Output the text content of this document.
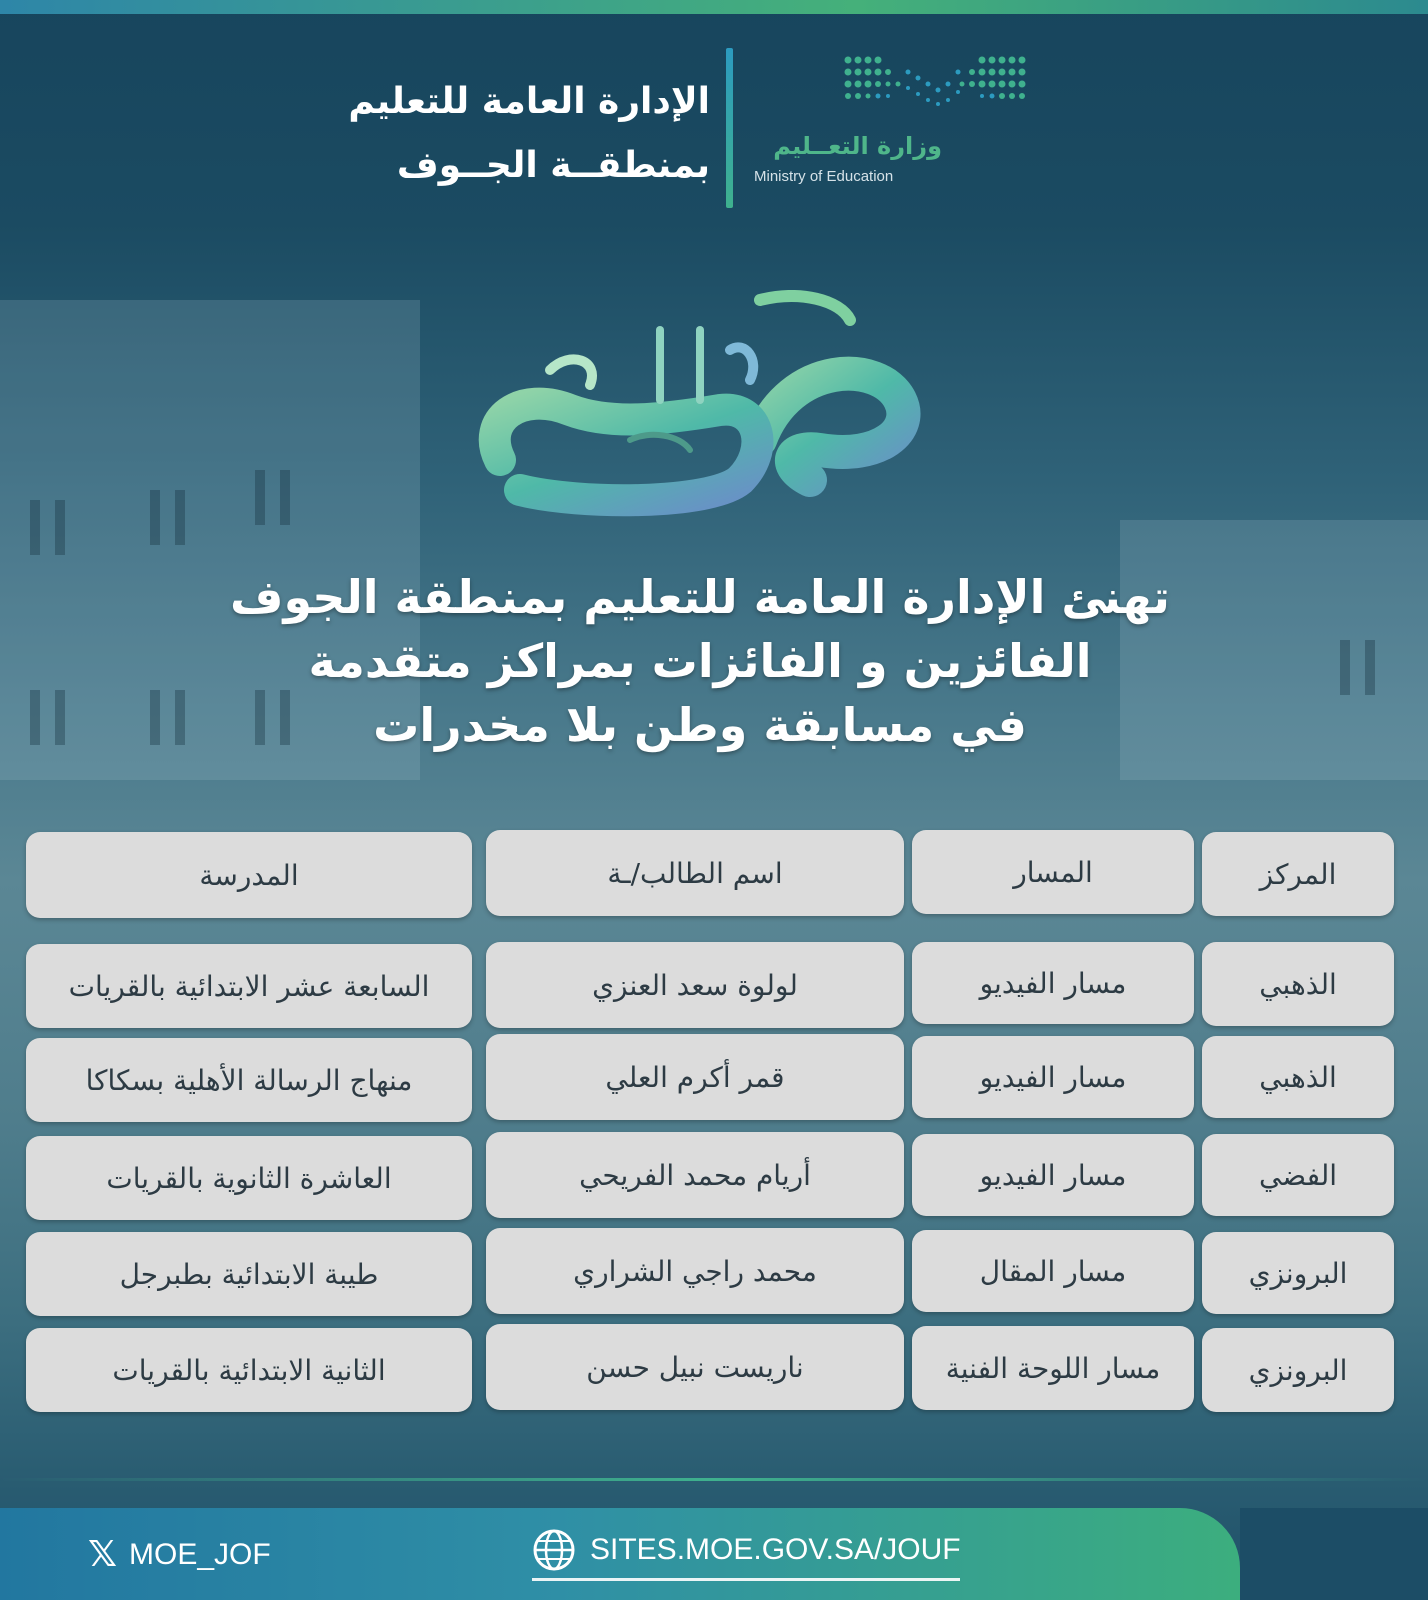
الإدارة العامة للتعليم
بمنطقــة الجــوف	وزارة التعــليم
Ministry of Education
تهنئ الإدارة العامة للتعليم بمنطقة الجوف
الفائزين و الفائزات بمراكز متقدمة
في مسابقة وطن بلا مخدرات
المركز
المسار
اسم الطالب/ـة
المدرسة
الذهبي
مسار الفيديو
لولوة سعد العنزي
السابعة عشر الابتدائية بالقريات
الذهبي
مسار الفيديو
قمر أكرم العلي
منهاج الرسالة الأهلية بسكاكا
الفضي
مسار الفيديو
أريام محمد الفريحي
العاشرة الثانوية بالقريات
البرونزي
مسار المقال
محمد راجي الشراري
طيبة الابتدائية بطبرجل
البرونزي
مسار اللوحة الفنية
ناريست نبيل حسن
الثانية الابتدائية بالقريات
𝕏 MOE_JOF	SITES.MOE.GOV.SA/JOUF
